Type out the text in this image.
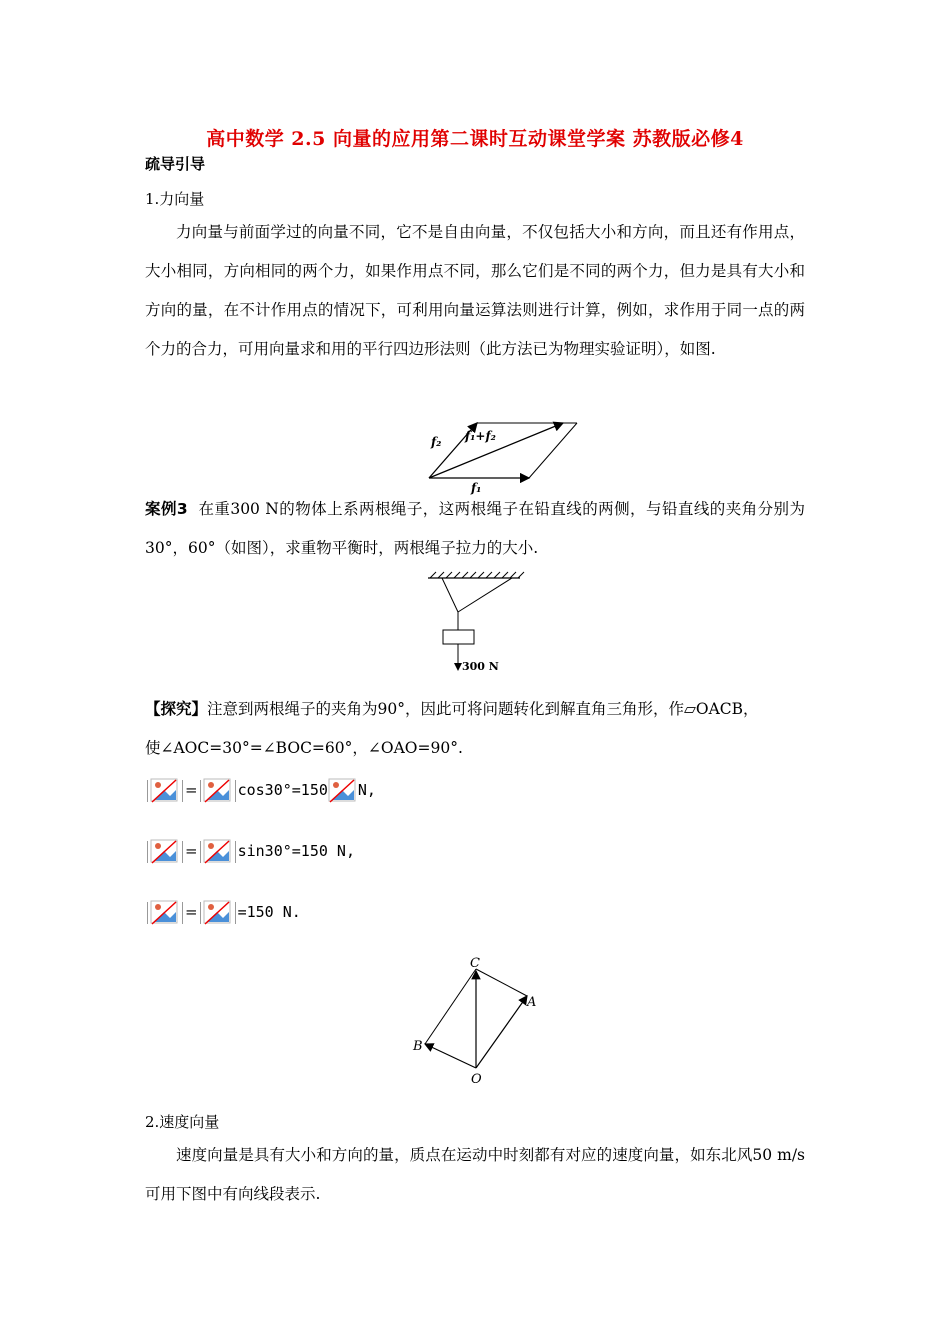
高中数学 2.5 向量的应用第二课时互动课堂学案 苏教版必修4
疏导引导
1.力向量
力向量与前面学过的向量不同，它不是自由向量，不仅包括大小和方向，而且还有作用点，大小相同，方向相同的两个力，如果作用点不同，那么它们是不同的两个力，但力是具有大小和方向的量，在不计作用点的情况下，可利用向量运算法则进行计算，例如，求作用于同一点的两个力的合力，可用向量求和用的平行四边形法则（此方法已为物理实验证明），如图.
f₂ f₁+f₂
f₁
案例3 在重300 N的物体上系两根绳子，这两根绳子在铅直线的两侧，与铅直线的夹角分别为30°，60°（如图），求重物平衡时，两根绳子拉力的大小.
300 N
【探究】注意到两根绳子的夹角为90°，因此可将问题转化到解直角三角形，作▱OACB，
使∠AOC=30°=∠BOC=60°，∠OAO=90°.
=	cos30°=150 N,
=	sin30°=150 N,
=	=150 N.
C
A
B
O
2.速度向量
速度向量是具有大小和方向的量，质点在运动中时刻都有对应的速度向量，如东北风50 m/s可用下图中有向线段表示.
